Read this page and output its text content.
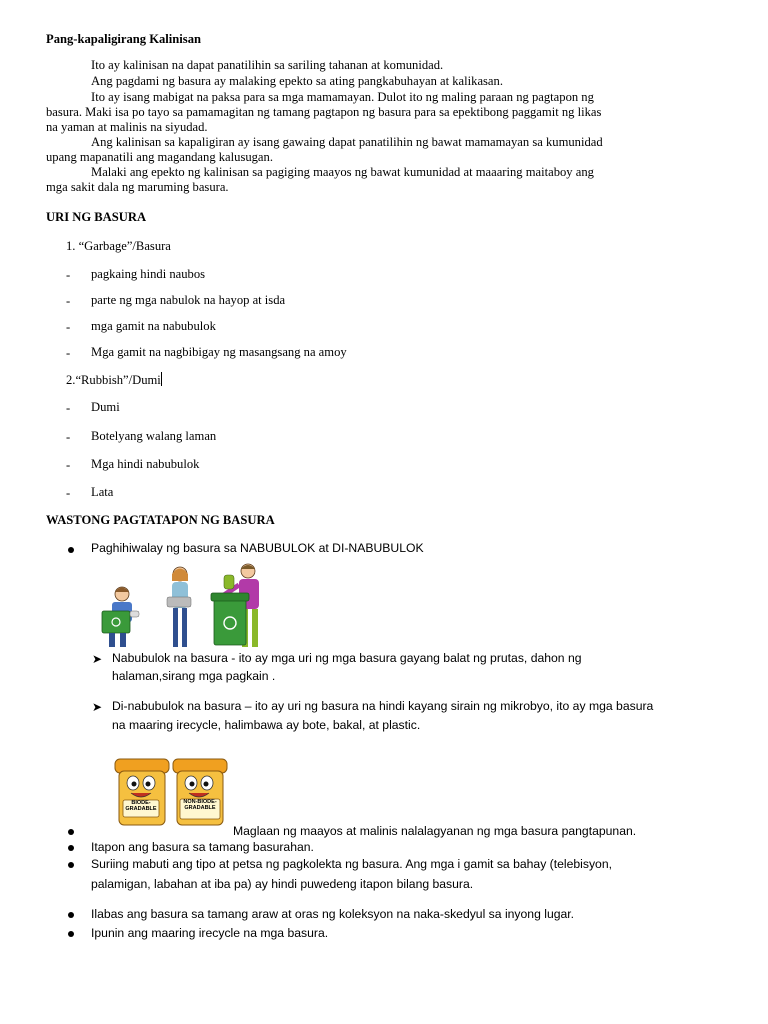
Pang-kapaligirang Kalinisan
Ito ay kalinisan na dapat panatilihin sa sariling tahanan at komunidad.
Ang pagdami ng basura ay malaking epekto sa ating pangkabuhayan at kalikasan.
Ito ay isang mabigat na paksa para sa mga mamamayan. Dulot ito ng maling paraan ng pagtapon ng
basura. Maki isa po tayo sa pamamagitan ng tamang pagtapon ng basura para sa epektibong paggamit ng likas
na yaman at malinis na siyudad.
Ang kalinisan sa kapaligiran ay isang gawaing dapat panatilihin ng bawat mamamayan sa kumunidad
upang mapanatili ang magandang kalusugan.
Malaki ang epekto ng kalinisan sa pagiging maayos ng bawat kumunidad at maaaring maitaboy ang
mga sakit dala ng maruming basura.
URI NG BASURA
1. “Garbage”/Basura
- pagkaing hindi naubos
- parte ng mga nabulok na hayop at isda
- mga gamit na nabubulok
- Mga gamit na nagbibigay ng masangsang na amoy
2.“Rubbish”/Dumi
- Dumi
- Botelyang walang laman
- Mga hindi nabubulok
- Lata
WASTONG PAGTATAPON NG BASURA
Paghihiwalay ng basura sa NABUBULOK at DI-NABUBULOK
➤ Nabubulok na basura - ito ay mga uri ng mga basura gayang balat ng prutas, dahon ng
halaman,sirang mga pagkain .
➤ Di-nabubulok na basura – ito ay uri ng basura na hindi kayang sirain ng mikrobyo, ito ay mga basura
na maaring irecycle, halimbawa ay bote, bakal, at plastic.
BIODE-GRADABLE
NON-BIODE-GRADABLE
Maglaan ng maayos at malinis nalalagyanan ng mga basura pangtapunan.
Itapon ang basura sa tamang basurahan.
Suriing mabuti ang tipo at petsa ng pagkolekta ng basura. Ang mga i gamit sa bahay (telebisyon,
palamigan, labahan at iba pa) ay hindi puwedeng itapon bilang basura.
Ilabas ang basura sa tamang araw at oras ng koleksyon na naka-skedyul sa inyong lugar.
Ipunin ang maaring irecycle na mga basura.
